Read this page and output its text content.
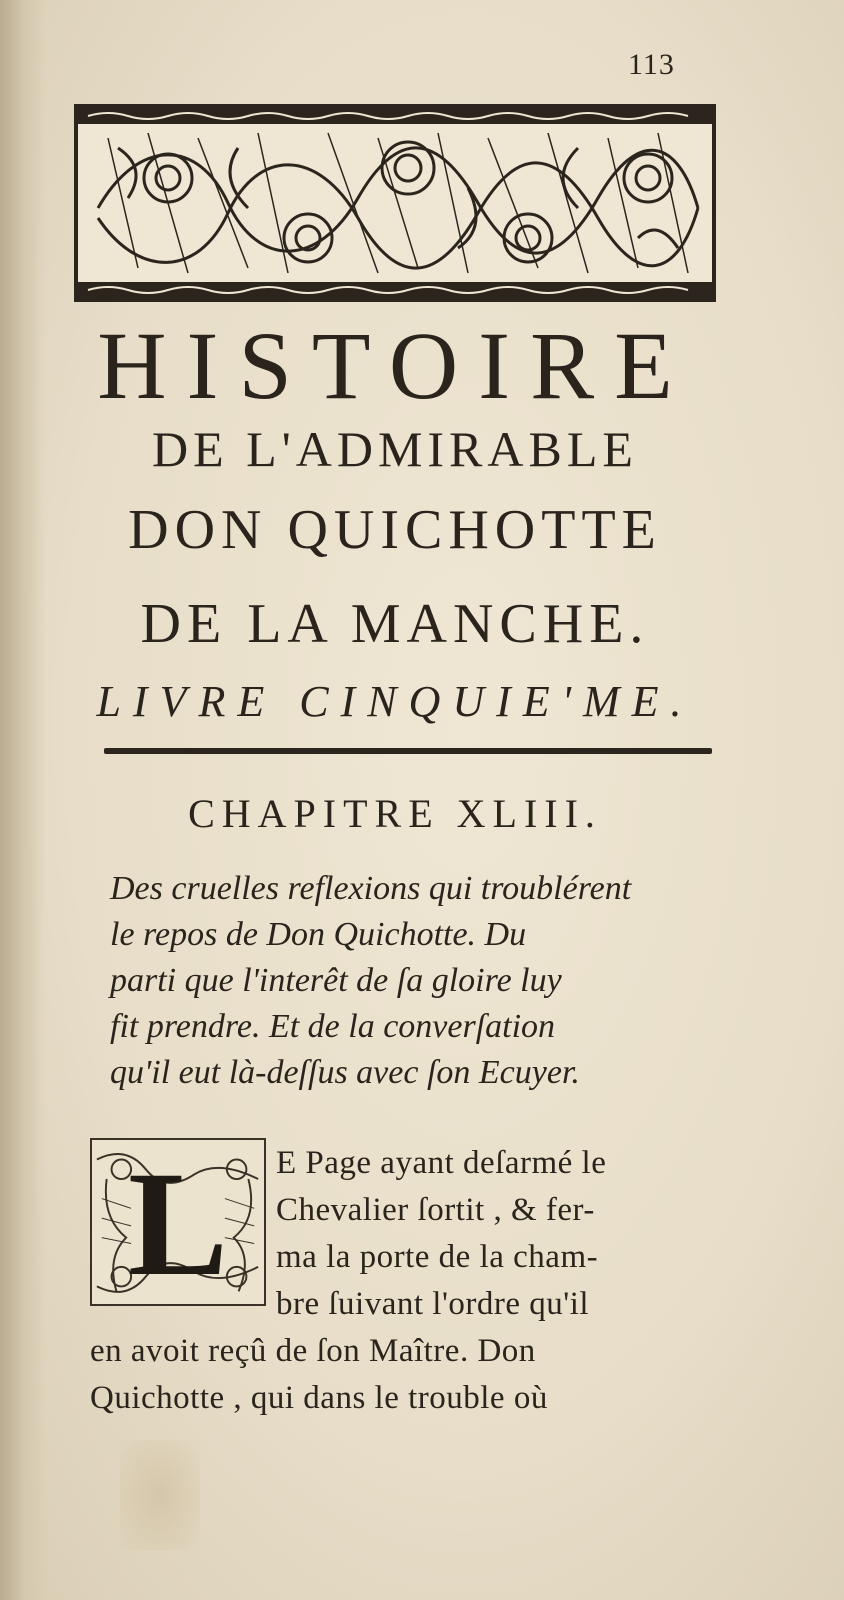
113
HISTOIRE
DE L'ADMIRABLE
DON QUICHOTTE
DE LA MANCHE.
LIVRE CINQUIE'ME.
CHAPITRE XLIII.
Des cruelles reflexions qui troublérent
le repos de Don Quichotte. Du
parti que l'interêt de ſa gloire luy
fit prendre. Et de la converſation
qu'il eut là-deſſus avec ſon Ecuyer.
E Page ayant deſarmé le
Chevalier ſortit , & fer-
ma la porte de la cham-
bre ſuivant l'ordre qu'il
en avoit reçû de ſon Maître. Don
Quichotte , qui dans le trouble où
L
